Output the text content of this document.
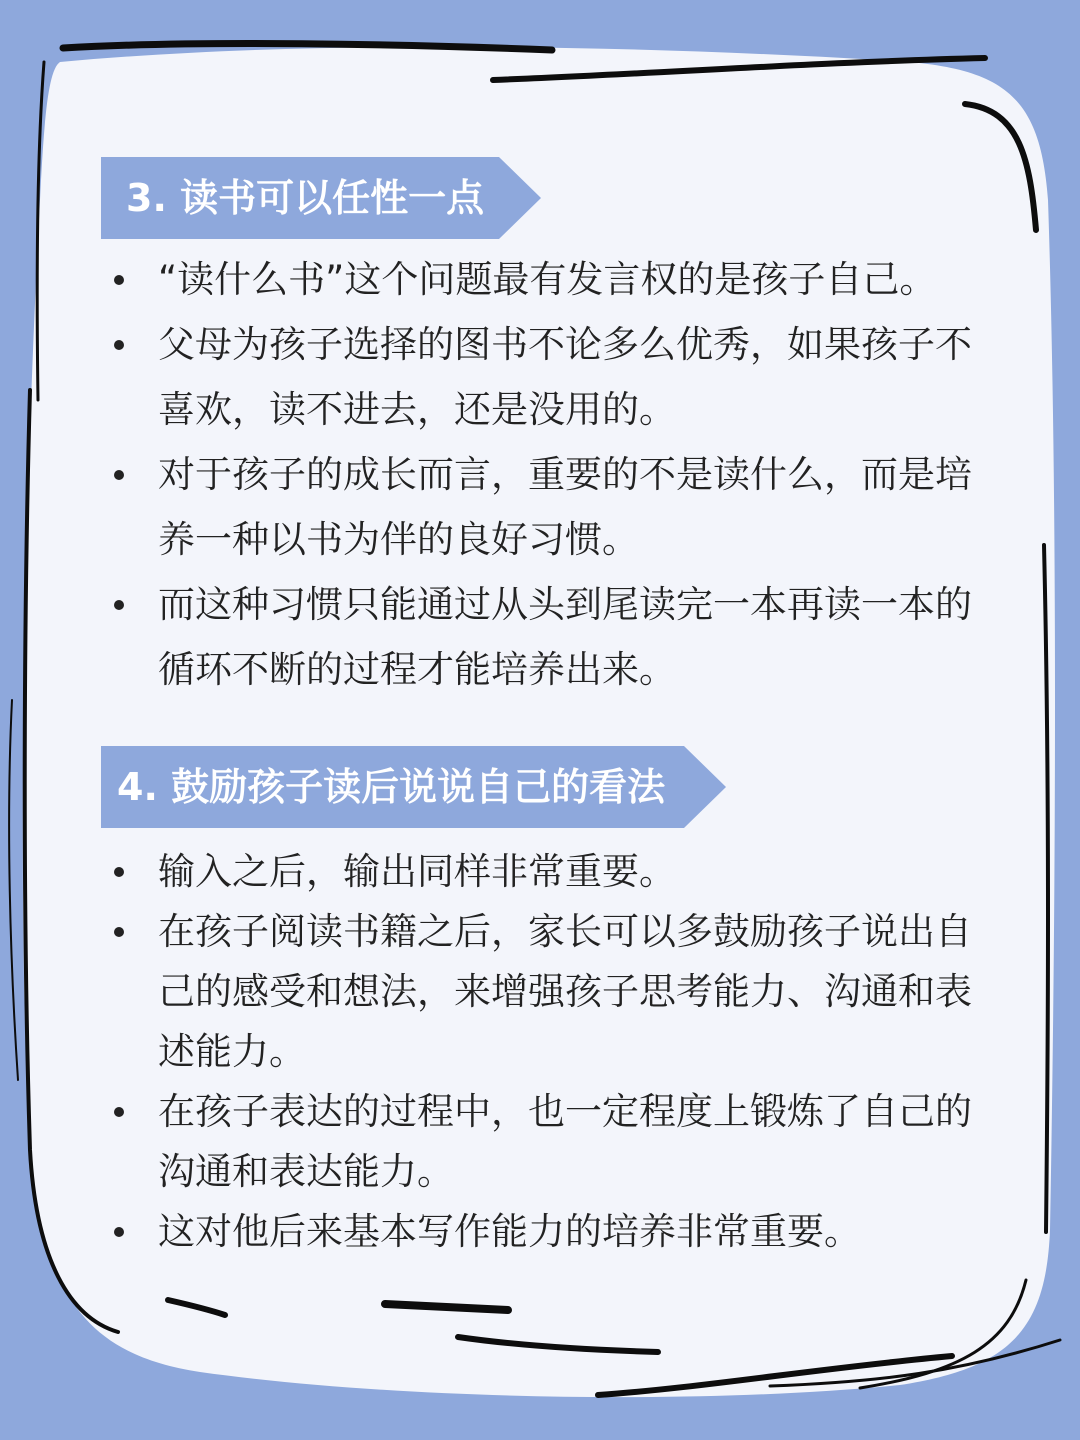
3. 读书可以任性一点
“读什么书”这个问题最有发言权的是孩子自己。
父母为孩子选择的图书不论多么优秀，如果孩子不喜欢，读不进去，还是没用的。
对于孩子的成长而言，重要的不是读什么，而是培养一种以书为伴的良好习惯。
而这种习惯只能通过从头到尾读完一本再读一本的循环不断的过程才能培养出来。
4. 鼓励孩子读后说说自己的看法
输入之后，输出同样非常重要。
在孩子阅读书籍之后，家长可以多鼓励孩子说出自己的感受和想法，来增强孩子思考能力、沟通和表述能力。
在孩子表达的过程中，也一定程度上锻炼了自己的沟通和表达能力。
这对他后来基本写作能力的培养非常重要。
